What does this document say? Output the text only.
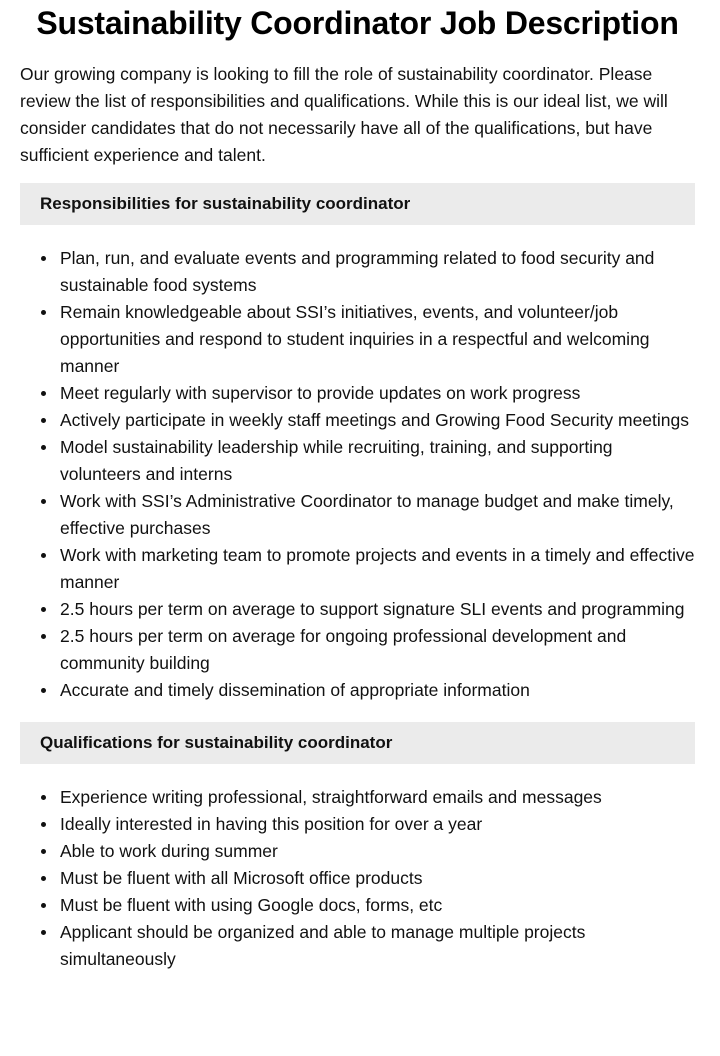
Sustainability Coordinator Job Description

Our growing company is looking to fill the role of sustainability coordinator. Please review the list of responsibilities and qualifications. While this is our ideal list, we will consider candidates that do not necessarily have all of the qualifications, but have sufficient experience and talent.

Responsibilities for sustainability coordinator
Plan, run, and evaluate events and programming related to food security and sustainable food systems
Remain knowledgeable about SSI’s initiatives, events, and volunteer/job opportunities and respond to student inquiries in a respectful and welcoming manner
Meet regularly with supervisor to provide updates on work progress
Actively participate in weekly staff meetings and Growing Food Security meetings
Model sustainability leadership while recruiting, training, and supporting volunteers and interns
Work with SSI’s Administrative Coordinator to manage budget and make timely, effective purchases
Work with marketing team to promote projects and events in a timely and effective manner
2.5 hours per term on average to support signature SLI events and programming
2.5 hours per term on average for ongoing professional development and community building
Accurate and timely dissemination of appropriate information
Qualifications for sustainability coordinator
Experience writing professional, straightforward emails and messages
Ideally interested in having this position for over a year
Able to work during summer
Must be fluent with all Microsoft office products
Must be fluent with using Google docs, forms, etc
Applicant should be organized and able to manage multiple projects simultaneously
